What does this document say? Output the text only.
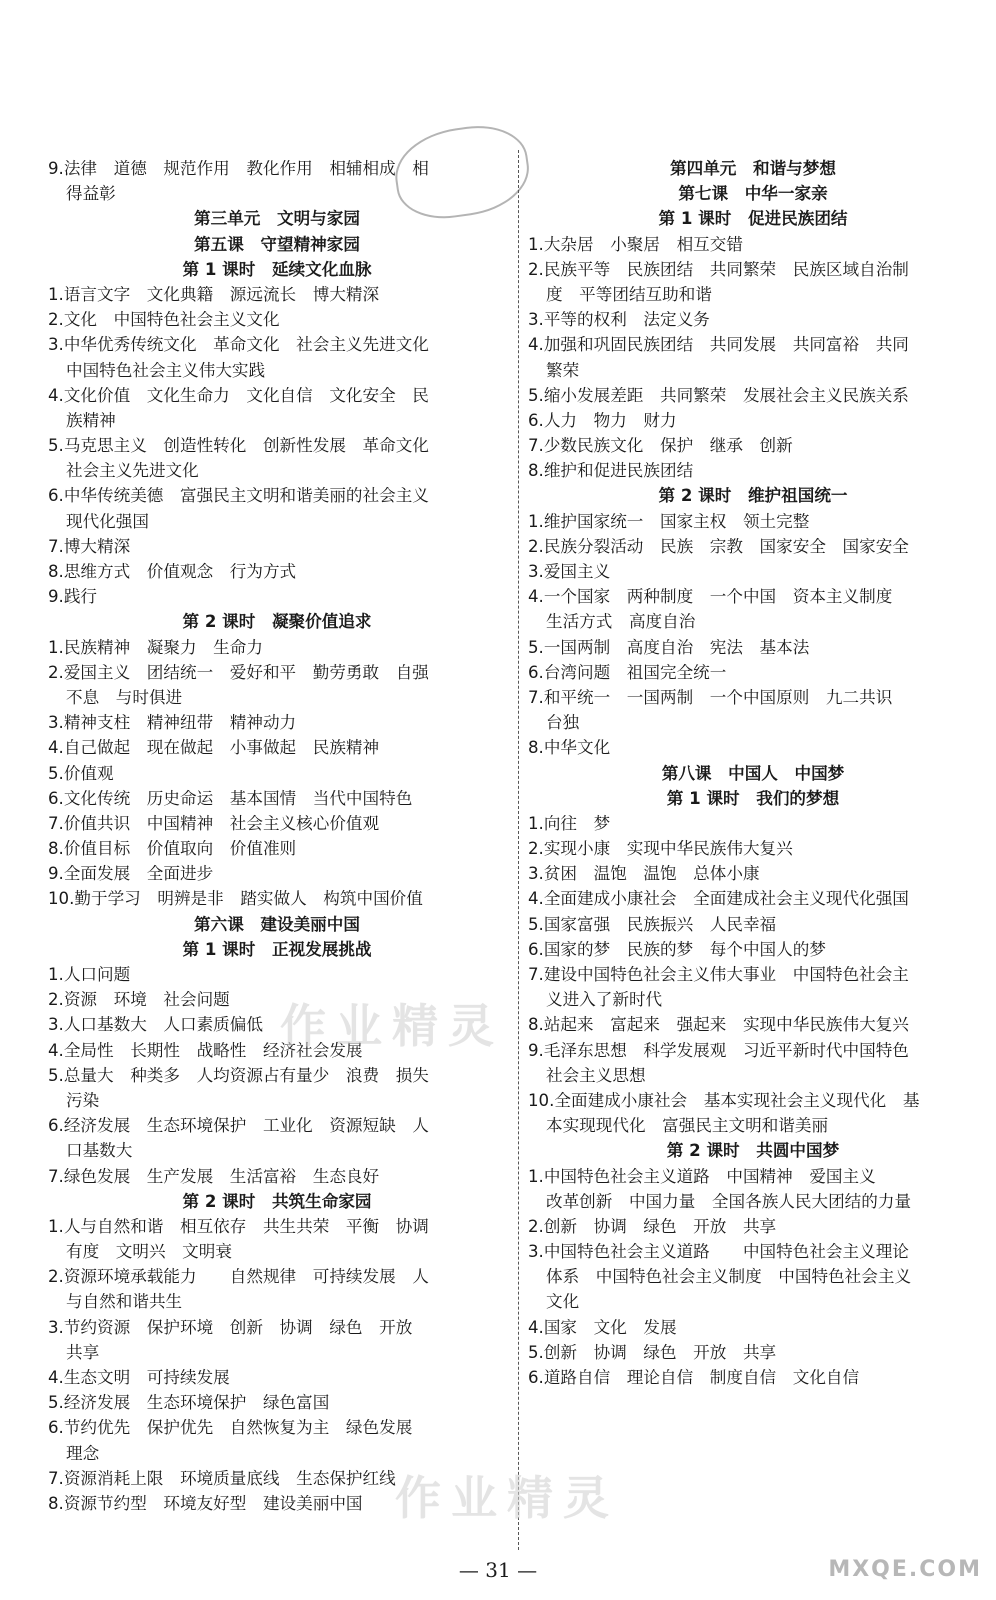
9.法律　道德　规范作用　教化作用　相辅相成　相
得益彰
第三单元　文明与家园
第五课　守望精神家园
第 1 课时　延续文化血脉
1.语言文字　文化典籍　源远流长　博大精深
2.文化　中国特色社会主义文化
3.中华优秀传统文化　革命文化　社会主义先进文化
中国特色社会主义伟大实践
4.文化价值　文化生命力　文化自信　文化安全　民
族精神
5.马克思主义　创造性转化　创新性发展　革命文化
社会主义先进文化
6.中华传统美德　富强民主文明和谐美丽的社会主义
现代化强国
7.博大精深
8.思维方式　价值观念　行为方式
9.践行
第 2 课时　凝聚价值追求
1.民族精神　凝聚力　生命力
2.爱国主义　团结统一　爱好和平　勤劳勇敢　自强
不息　与时俱进
3.精神支柱　精神纽带　精神动力
4.自己做起　现在做起　小事做起　民族精神
5.价值观
6.文化传统　历史命运　基本国情　当代中国特色
7.价值共识　中国精神　社会主义核心价值观
8.价值目标　价值取向　价值准则
9.全面发展　全面进步
10.勤于学习　明辨是非　踏实做人　构筑中国价值
第六课　建设美丽中国
第 1 课时　正视发展挑战
1.人口问题
2.资源　环境　社会问题
3.人口基数大　人口素质偏低
4.全局性　长期性　战略性　经济社会发展
5.总量大　种类多　人均资源占有量少　浪费　损失
污染
6.经济发展　生态环境保护　工业化　资源短缺　人
口基数大
7.绿色发展　生产发展　生活富裕　生态良好
第 2 课时　共筑生命家园
1.人与自然和谐　相互依存　共生共荣　平衡　协调
有度　文明兴　文明衰
2.资源环境承载能力　　自然规律　可持续发展　人
与自然和谐共生
3.节约资源　保护环境　创新　协调　绿色　开放
共享
4.生态文明　可持续发展
5.经济发展　生态环境保护　绿色富国
6.节约优先　保护优先　自然恢复为主　绿色发展
理念
7.资源消耗上限　环境质量底线　生态保护红线
8.资源节约型　环境友好型　建设美丽中国
第四单元　和谐与梦想
第七课　中华一家亲
第 1 课时　促进民族团结
1.大杂居　小聚居　相互交错
2.民族平等　民族团结　共同繁荣　民族区域自治制
度　平等团结互助和谐
3.平等的权利　法定义务
4.加强和巩固民族团结　共同发展　共同富裕　共同
繁荣
5.缩小发展差距　共同繁荣　发展社会主义民族关系
6.人力　物力　财力
7.少数民族文化　保护　继承　创新
8.维护和促进民族团结
第 2 课时　维护祖国统一
1.维护国家统一　国家主权　领土完整
2.民族分裂活动　民族　宗教　国家安全　国家安全
3.爱国主义
4.一个国家　两种制度　一个中国　资本主义制度
生活方式　高度自治
5.一国两制　高度自治　宪法　基本法
6.台湾问题　祖国完全统一
7.和平统一　一国两制　一个中国原则　九二共识
台独
8.中华文化
第八课　中国人　中国梦
第 1 课时　我们的梦想
1.向往　梦
2.实现小康　实现中华民族伟大复兴
3.贫困　温饱　温饱　总体小康
4.全面建成小康社会　全面建成社会主义现代化强国
5.国家富强　民族振兴　人民幸福
6.国家的梦　民族的梦　每个中国人的梦
7.建设中国特色社会主义伟大事业　中国特色社会主
义进入了新时代
8.站起来　富起来　强起来　实现中华民族伟大复兴
9.毛泽东思想　科学发展观　习近平新时代中国特色
社会主义思想
10.全面建成小康社会　基本实现社会主义现代化　基
本实现现代化　富强民主文明和谐美丽
第 2 课时　共圆中国梦
1.中国特色社会主义道路　中国精神　爱国主义
改革创新　中国力量　全国各族人民大团结的力量
2.创新　协调　绿色　开放　共享
3.中国特色社会主义道路　　中国特色社会主义理论
体系　中国特色社会主义制度　中国特色社会主义
文化
4.国家　文化　发展
5.创新　协调　绿色　开放　共享
6.道路自信　理论自信　制度自信　文化自信
作业精灵
作业精灵
MXQE.COM
— 31 —
